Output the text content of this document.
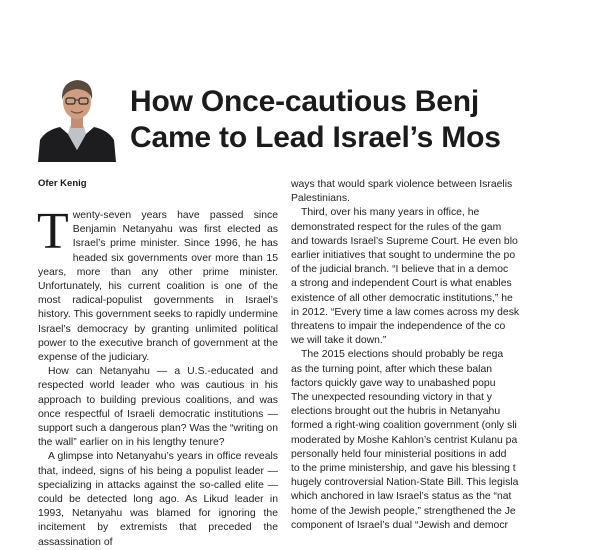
How Once-cautious Benj
Came to Lead Israel’s Mos
Ofer Kenig

T wenty-seven years have passed since Benjamin Netanyahu was first elected as Israel’s prime minister. Since 1996, he has headed six governments over more than 15 years, more than any other prime minister. Unfortunately, his current coalition is one of the most radical-populist governments in Israel’s history. This government seeks to rapidly undermine Israel’s democracy by granting unlimited political power to the executive branch of government at the expense of the judiciary.

How can Netanyahu — a U.S.-educated and respected world leader who was cautious in his approach to building previous coalitions, and was once respectful of Israeli democratic institutions — support such a dangerous plan? Was the “writing on the wall” earlier on in his lengthy tenure?

A glimpse into Netanyahu’s years in office reveals that, indeed, signs of his being a populist leader — specializing in attacks against the so-called elite — could be detected long ago. As Likud leader in 1993, Netanyahu was blamed for ignoring the incitement by extremists that preceded the assassination of

ways that would spark violence between Israelis
Palestinians.
Third, over his many years in office, he
demonstrated respect for the rules of the gam
and towards Israel’s Supreme Court. He even blo
earlier initiatives that sought to undermine the po
of the judicial branch. “I believe that in a democ
a strong and independent Court is what enables
existence of all other democratic institutions,” he
in 2012. “Every time a law comes across my desk
threatens to impair the independence of the co
we will take it down.”
The 2015 elections should probably be rega
as the turning point, after which these balan
factors quickly gave way to unabashed popu
The unexpected resounding victory in that y
elections brought out the hubris in Netanyahu
formed a right-wing coalition government (only sli
moderated by Moshe Kahlon’s centrist Kulanu pa
personally held four ministerial positions in add
to the prime ministership, and gave his blessing t
hugely controversial Nation-State Bill. This legisla
which anchored in law Israel’s status as the “nat
home of the Jewish people,” strengthened the Je
component of Israel’s dual “Jewish and democr
